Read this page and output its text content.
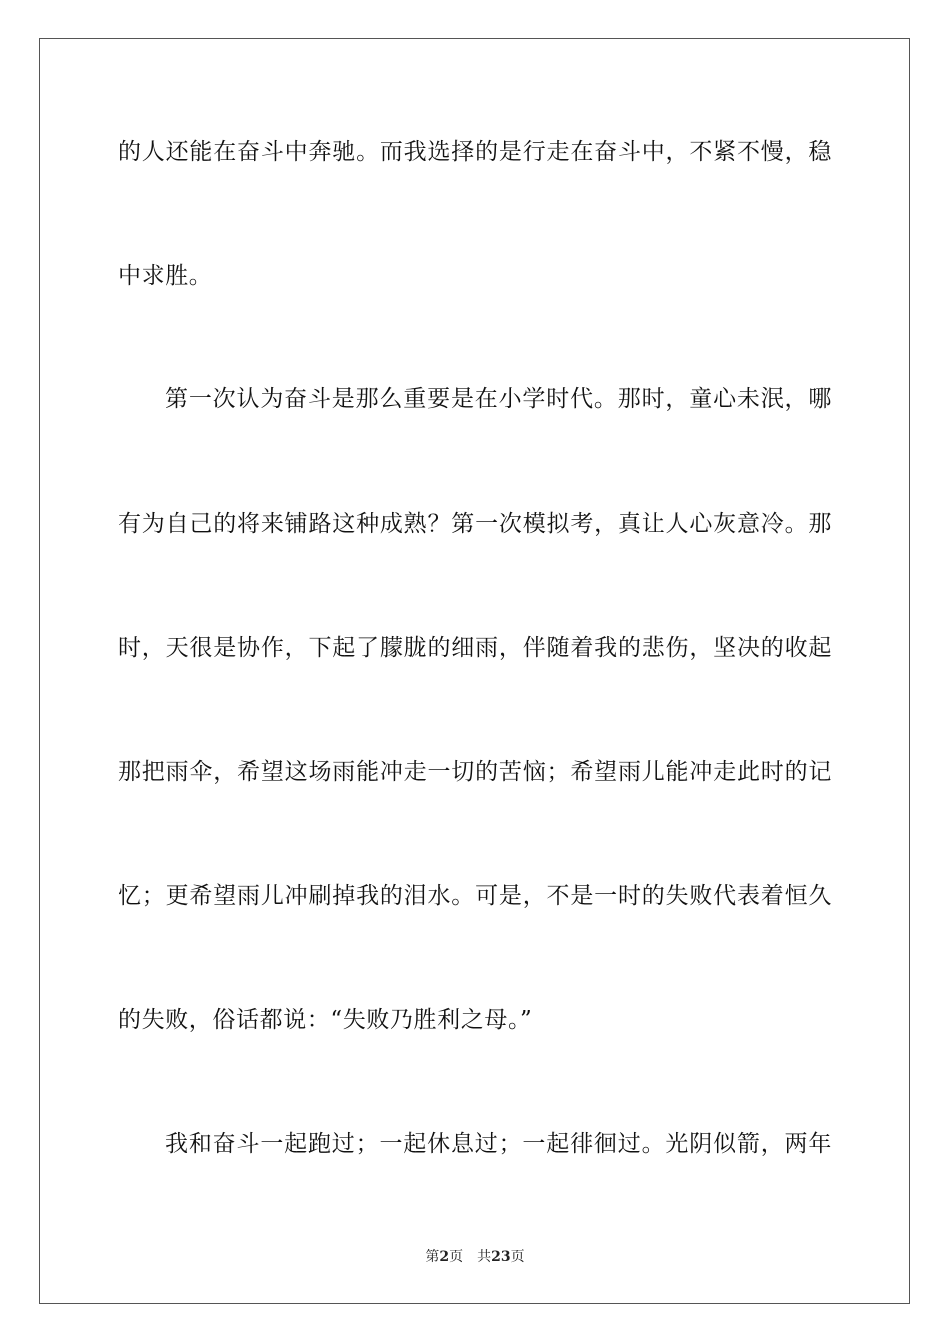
的人还能在奋斗中奔驰。而我选择的是行走在奋斗中，不紧不慢，稳
中求胜。
第一次认为奋斗是那么重要是在小学时代。那时，童心未泯，哪
有为自己的将来铺路这种成熟？第一次模拟考，真让人心灰意冷。那
时，天很是协作，下起了朦胧的细雨，伴随着我的悲伤，坚决的收起
那把雨伞，希望这场雨能冲走一切的苦恼；希望雨儿能冲走此时的记
忆；更希望雨儿冲刷掉我的泪水。可是，不是一时的失败代表着恒久
的失败，俗话都说：“失败乃胜利之母。”
我和奋斗一起跑过；一起休息过；一起徘徊过。光阴似箭，两年
第2页 共23页
